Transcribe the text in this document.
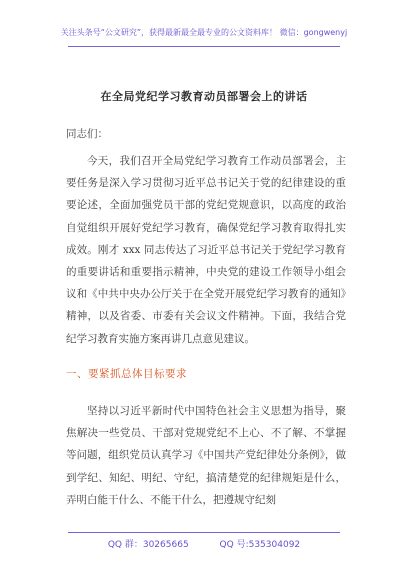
关注头条号“公文研究”，获得最新最全最专业的公文资料库！ 微信：gongwenyj
在全局党纪学习教育动员部署会上的讲话
同志们：
今天，我们召开全局党纪学习教育工作动员部署会，主要任务是深入学习贯彻习近平总书记关于党的纪律建设的重要论述，全面加强党员干部的党纪党规意识，以高度的政治自觉组织开展好党纪学习教育，确保党纪学习教育取得扎实成效。刚才 xxx 同志传达了习近平总书记关于党纪学习教育的重要讲话和重要指示精神，中央党的建设工作领导小组会议和《中共中央办公厅关于在全党开展党纪学习教育的通知》精神，以及省委、市委有关会议文件精神。下面，我结合党纪学习教育实施方案再讲几点意见建议。
一、要紧抓总体目标要求
坚持以习近平新时代中国特色社会主义思想为指导，聚焦解决一些党员、干部对党规党纪不上心、不了解、不掌握等问题，组织党员认真学习《中国共产党纪律处分条例》，做到学纪、知纪、明纪、守纪，搞清楚党的纪律规矩是什么，弄明白能干什么、不能干什么，把遵规守纪刻
QQ 群：30265665	QQ 号:535304092
